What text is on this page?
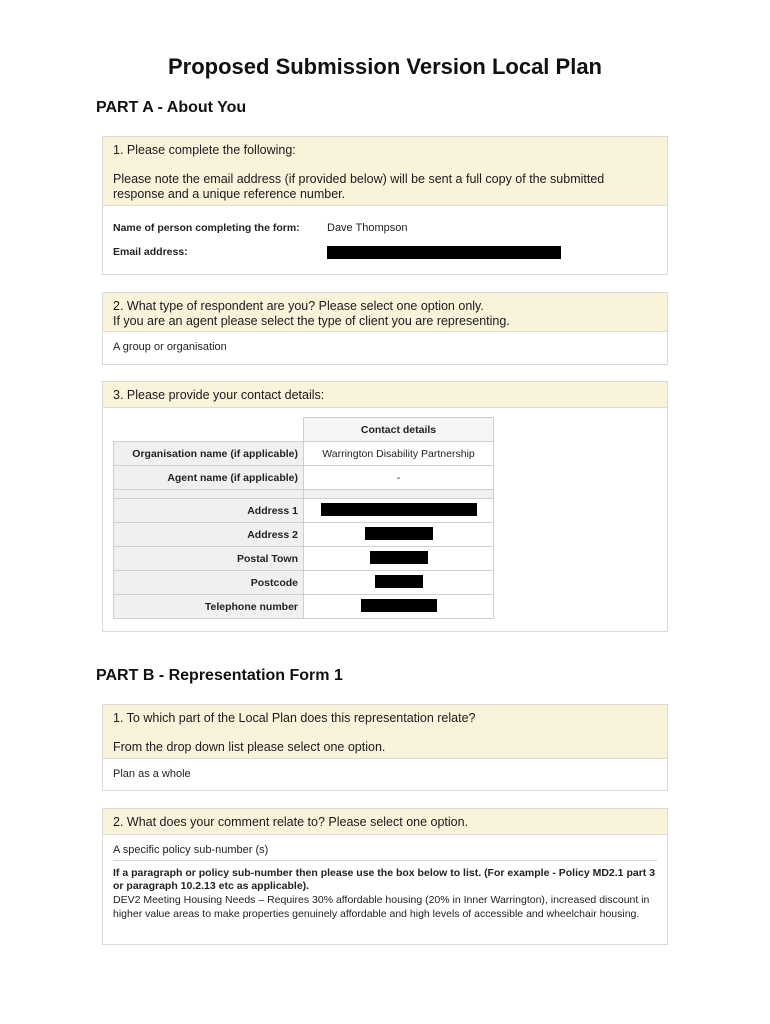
Proposed Submission Version Local Plan
PART A - About You

1. Please complete the following:

Please note the email address (if provided below) will be sent a full copy of the submitted response and a unique reference number.

Name of person completing the form:	Dave Thompson
Email address:
2. What type of respondent are you? Please select one option only.
If you are an agent please select the type of client you are representing.
A group or organisation
3. Please provide your contact details:
	Contact details
Organisation name (if applicable)	Warrington Disability Partnership
Agent name (if applicable)	-

Address 1	
Address 2	
Postal Town	
Postcode	
Telephone number	
PART B - Representation Form 1

1. To which part of the Local Plan does this representation relate?

From the drop down list please select one option.

Plan as a whole
2. What does your comment relate to? Please select one option.
A specific policy sub-number (s)
If a paragraph or policy sub-number then please use the box below to list. (For example - Policy MD2.1 part 3 or paragraph 10.2.13 etc as applicable).
DEV2 Meeting Housing Needs – Requires 30% affordable housing (20% in Inner Warrington), increased discount in higher value areas to make properties genuinely affordable and high levels of accessible and wheelchair housing.
